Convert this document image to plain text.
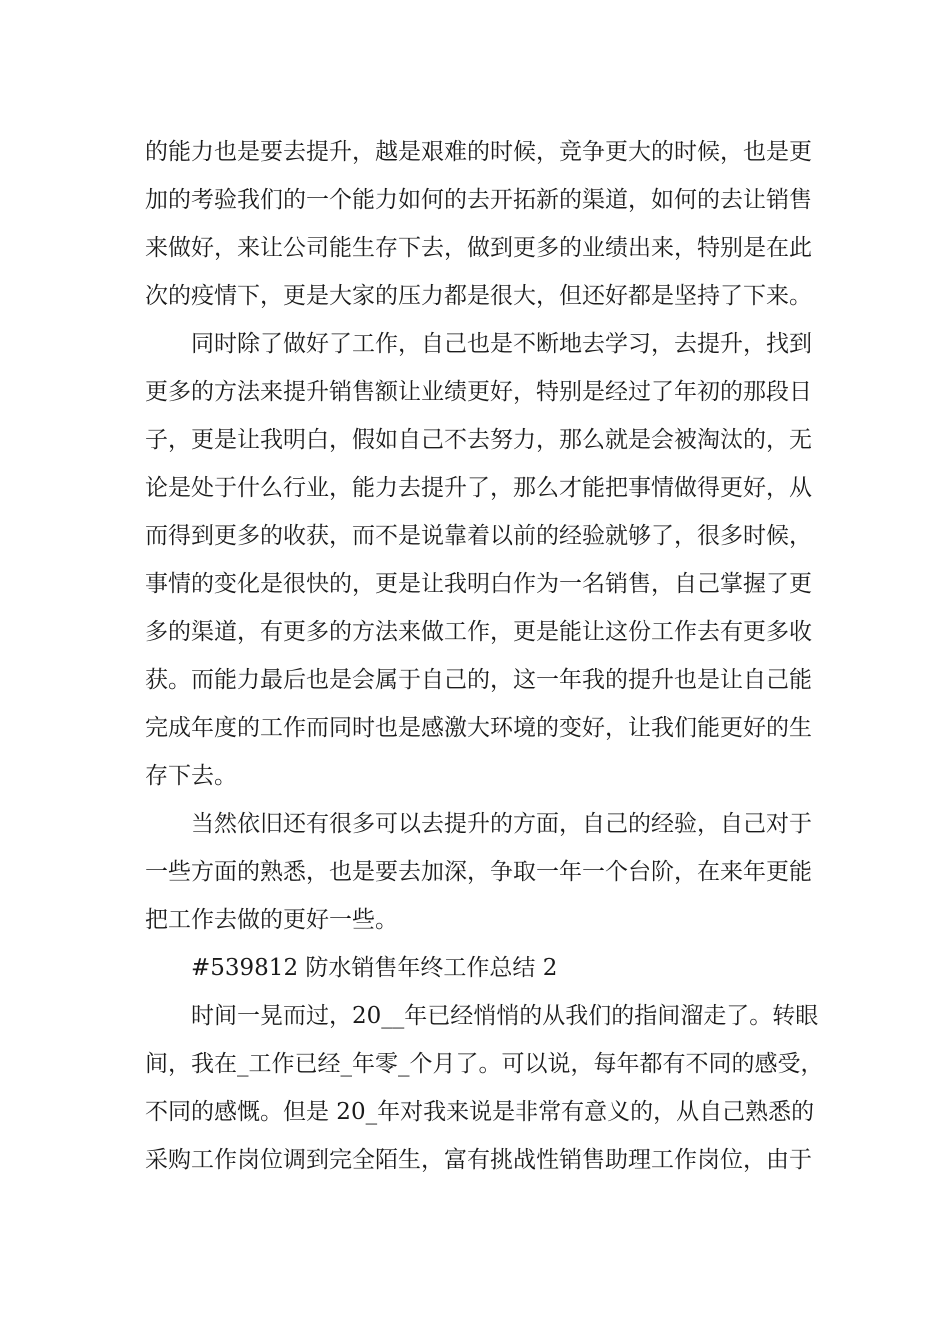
的能力也是要去提升，越是艰难的时候，竞争更大的时候，也是更
加的考验我们的一个能力如何的去开拓新的渠道，如何的去让销售
来做好，来让公司能生存下去，做到更多的业绩出来，特别是在此
次的疫情下，更是大家的压力都是很大，但还好都是坚持了下来。
同时除了做好了工作，自己也是不断地去学习，去提升，找到
更多的方法来提升销售额让业绩更好，特别是经过了年初的那段日
子，更是让我明白，假如自己不去努力，那么就是会被淘汰的，无
论是处于什么行业，能力去提升了，那么才能把事情做得更好，从
而得到更多的收获，而不是说靠着以前的经验就够了，很多时候，
事情的变化是很快的，更是让我明白作为一名销售，自己掌握了更
多的渠道，有更多的方法来做工作，更是能让这份工作去有更多收
获。而能力最后也是会属于自己的，这一年我的提升也是让自己能
完成年度的工作而同时也是感激大环境的变好，让我们能更好的生
存下去。
当然依旧还有很多可以去提升的方面，自己的经验，自己对于
一些方面的熟悉，也是要去加深，争取一年一个台阶，在来年更能
把工作去做的更好一些。
#539812 防水销售年终工作总结 2
时间一晃而过，20__年已经悄悄的从我们的指间溜走了。转眼
间，我在_工作已经_年零_个月了。可以说，每年都有不同的感受，
不同的感慨。但是 20_年对我来说是非常有意义的，从自己熟悉的
采购工作岗位调到完全陌生，富有挑战性销售助理工作岗位，由于
